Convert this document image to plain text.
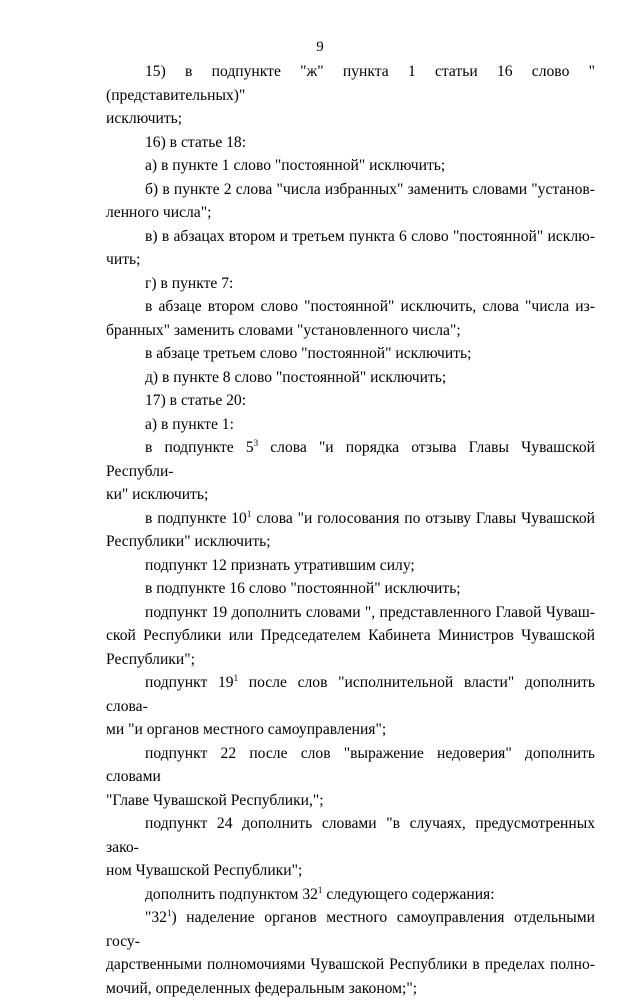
9
15) в подпункте "ж" пункта 1 статьи 16 слово "(представительных)"
исключить;
16) в статье 18:
а) в пункте 1 слово "постоянной" исключить;
б) в пункте 2 слова "числа избранных" заменить словами "установ-
ленного числа";
в) в абзацах втором и третьем пункта 6 слово "постоянной" исклю-
чить;
г) в пункте 7:
в абзаце втором слово "постоянной" исключить, слова "числа из-
бранных" заменить словами "установленного числа";
в абзаце третьем слово "постоянной" исключить;
д) в пункте 8 слово "постоянной" исключить;
17) в статье 20:
а) в пункте 1:
в подпункте $5^3$ слова "и порядка отзыва Главы Чувашской Республи-
ки" исключить;
в подпункте $10^1$ слова "и голосования по отзыву Главы Чувашской
Республики" исключить;
подпункт 12 признать утратившим силу;
в подпункте 16 слово "постоянной" исключить;
подпункт 19 дополнить словами ", представленного Главой Чуваш-
ской Республики или Председателем Кабинета Министров Чувашской
Республики";
подпункт $19^1$ после слов "исполнительной власти" дополнить слова-
ми "и органов местного самоуправления";
подпункт 22 после слов "выражение недоверия" дополнить словами
"Главе Чувашской Республики,";
подпункт 24 дополнить словами "в случаях, предусмотренных зако-
ном Чувашской Республики";
дополнить подпунктом $32^1$ следующего содержания:
"$32^1$) наделение органов местного самоуправления отдельными госу-
дарственными полномочиями Чувашской Республики в пределах полно-
мочий, определенных федеральным законом;";
